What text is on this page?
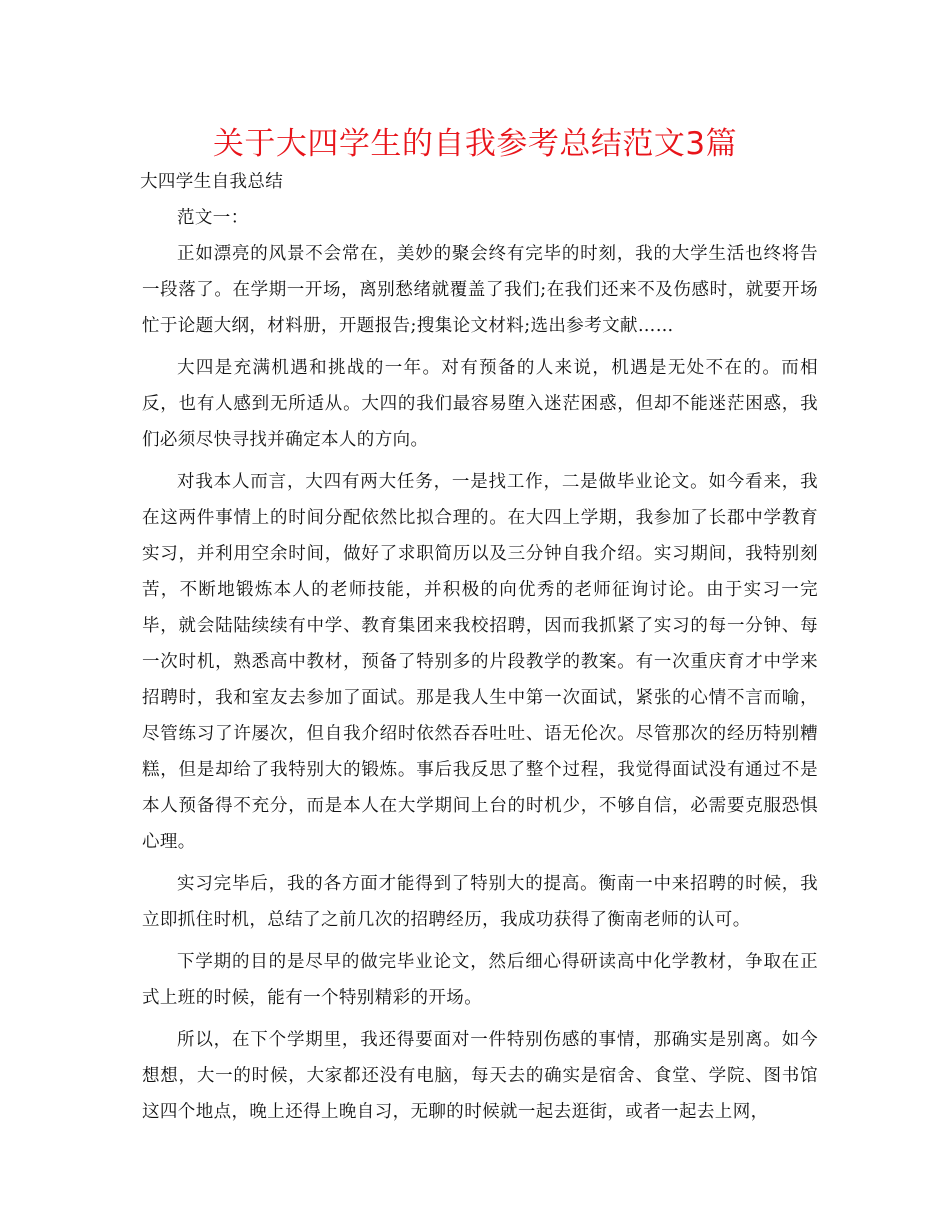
关于大四学生的自我参考总结范文3篇

大四学生自我总结

范文一：

正如漂亮的风景不会常在，美妙的聚会终有完毕的时刻，我的大学生活也终将告一段落了。在学期一开场，离别愁绪就覆盖了我们;在我们还来不及伤感时，就要开场忙于论题大纲，材料册，开题报告;搜集论文材料;选出参考文献……

大四是充满机遇和挑战的一年。对有预备的人来说，机遇是无处不在的。而相反，也有人感到无所适从。大四的我们最容易堕入迷茫困惑，但却不能迷茫困惑，我们必须尽快寻找并确定本人的方向。

对我本人而言，大四有两大任务，一是找工作，二是做毕业论文。如今看来，我在这两件事情上的时间分配依然比拟合理的。在大四上学期，我参加了长郡中学教育实习，并利用空余时间，做好了求职简历以及三分钟自我介绍。实习期间，我特别刻苦，不断地锻炼本人的老师技能，并积极的向优秀的老师征询讨论。由于实习一完毕，就会陆陆续续有中学、教育集团来我校招聘，因而我抓紧了实习的每一分钟、每一次时机，熟悉高中教材，预备了特别多的片段教学的教案。有一次重庆育才中学来招聘时，我和室友去参加了面试。那是我人生中第一次面试，紧张的心情不言而喻，尽管练习了许屡次，但自我介绍时依然吞吞吐吐、语无伦次。尽管那次的经历特别糟糕，但是却给了我特别大的锻炼。事后我反思了整个过程，我觉得面试没有通过不是本人预备得不充分，而是本人在大学期间上台的时机少，不够自信，必需要克服恐惧心理。

实习完毕后，我的各方面才能得到了特别大的提高。衡南一中来招聘的时候，我立即抓住时机，总结了之前几次的招聘经历，我成功获得了衡南老师的认可。

下学期的目的是尽早的做完毕业论文，然后细心得研读高中化学教材，争取在正式上班的时候，能有一个特别精彩的开场。

所以，在下个学期里，我还得要面对一件特别伤感的事情，那确实是别离。如今想想，大一的时候，大家都还没有电脑，每天去的确实是宿舍、食堂、学院、图书馆这四个地点，晚上还得上晚自习，无聊的时候就一起去逛街，或者一起去上网，
